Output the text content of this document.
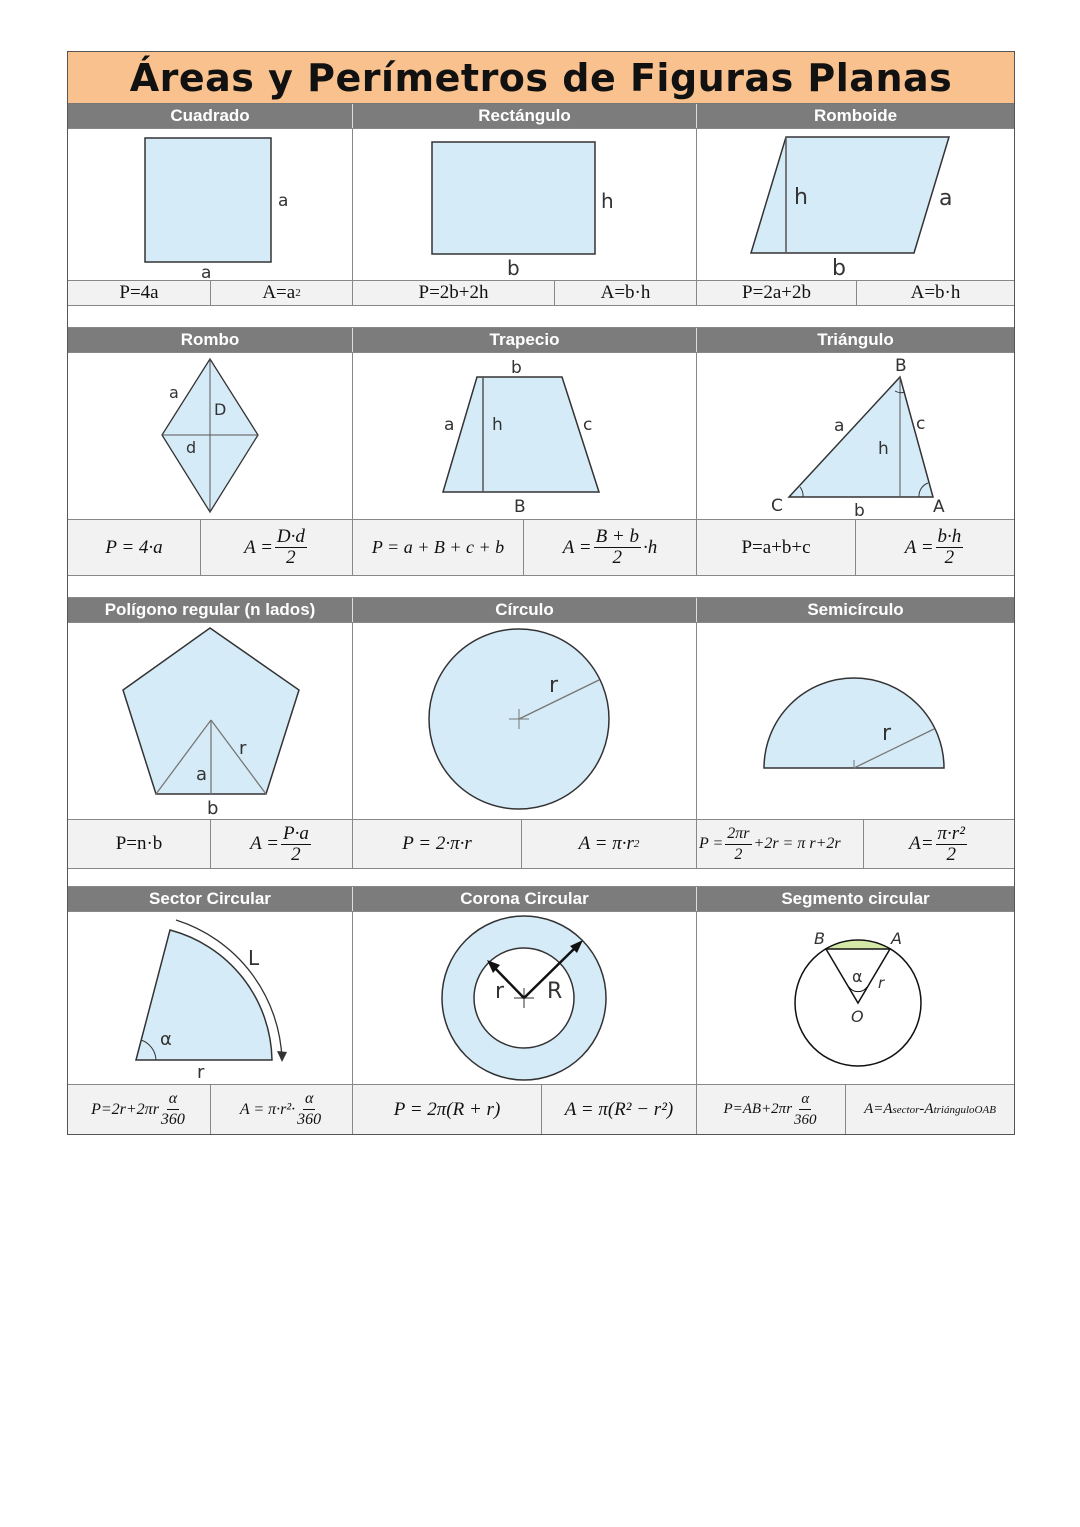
Áreas y Perímetros de Figuras Planas
Cuadrado	Rectángulo	Romboide
a
a
h
b
h	a
b
P=4a	A=a 2	P=2b+2h	A=b·h	P=2a+2b	A=b·h
Rombo	Trapecio	Triángulo
a
D
d
b
a h	c
B
B
a	c
h
C	b	A
P = 4·a	$A = \frac{D\cdot d}{2}$	P = a + B + c + b	$A = \frac{B + b}{2} \cdot h$	P=a+b+c	$A = \frac{b\cdot h}{2}$
Polígono regular (n lados)	Círculo	Semicírculo
r
a
b
r
r
P=n·b	$A = \frac{P\cdot a}{2}$	P = 2·π·r	A = π·r 2	$P = \frac{2\pi r}{2} +2r = \pi$ r+2r	$A= \frac{\text{π·r²}}{2}$
Sector Circular	Corona Circular	Segmento circular
L
α
r
r R
B	A
α r
O
$P=2r+2\pi r \frac{\alpha}{360}$	$A = \pi\cdot r^2\cdot \frac{\alpha}{360}$	P = 2π(R + r)	A = π(R² − r²)	$P=AB+2\pi r \frac{\alpha}{360}$	A=A sector -A triánguloOAB
